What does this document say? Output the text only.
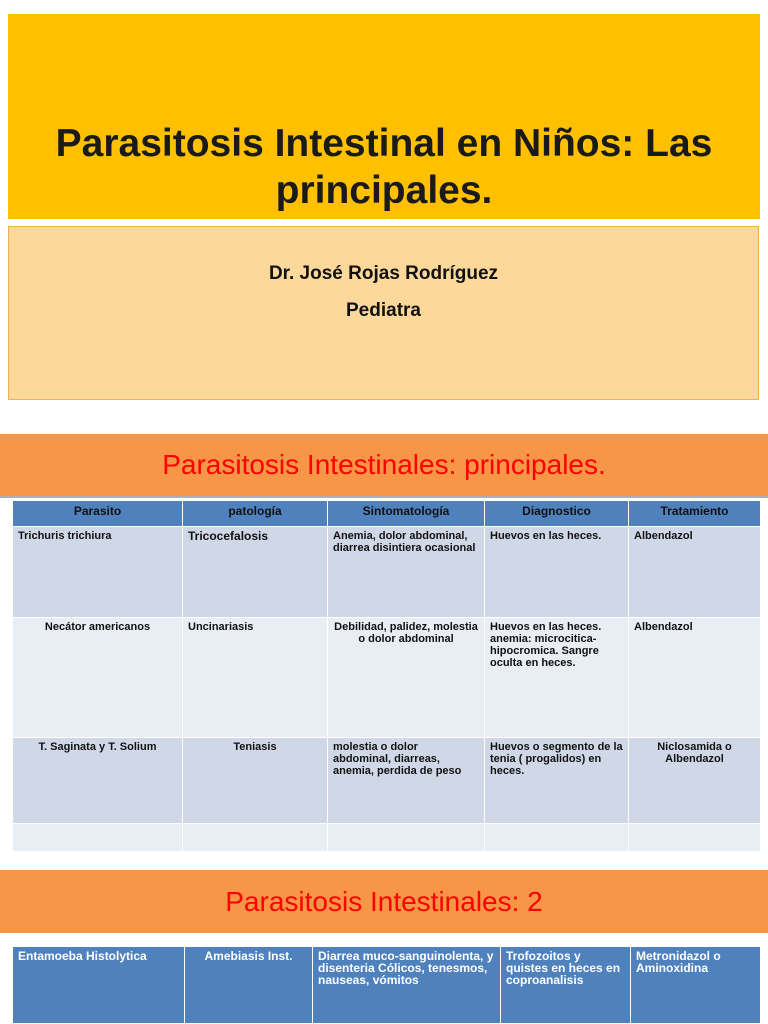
Parasitosis Intestinal en Niños: Las principales.
Dr. José Rojas Rodríguez
Pediatra
Parasitosis Intestinales: principales.
Parasito	patología	Sintomatología	Diagnostico	Tratamiento
Trichuris trichiura	Tricocefalosis	Anemia, dolor abdominal, diarrea disintiera ocasional	Huevos en las heces.	Albendazol
Necátor americanos	Uncinariasis	Debilidad, palidez, molestia o dolor abdominal	Huevos en las heces. anemia: microcitica-hipocromica. Sangre oculta en heces.	Albendazol
T. Saginata y T. Solium	Teniasis	molestia o dolor abdominal, diarreas, anemia, perdida de peso	Huevos o segmento de la tenia ( progalidos) en heces.	Niclosamida o Albendazol

Parasitosis Intestinales: 2
Entamoeba Histolytica	Amebiasis Inst.	Diarrea muco-sanguinolenta, y disenteria Cólicos, tenesmos, nauseas, vómitos	Trofozoitos y quistes en heces en coproanalisis	Metronidazol o Aminoxidina
